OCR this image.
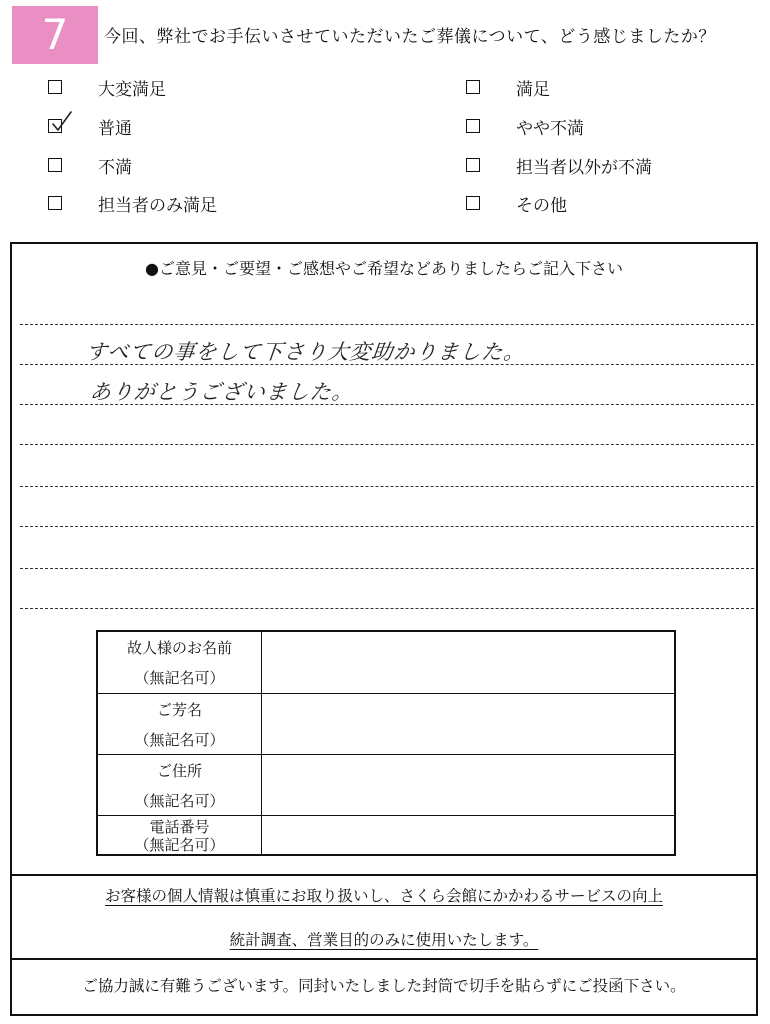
7	今回、弊社でお手伝いさせていただいたご葬儀について、どう感じましたか？
大変満足	満足
普通	やや不満
不満	担当者以外が不満
担当者のみ満足	その他
●ご意見・ご要望・ご感想やご希望などありましたらご記入下さい
すべての事をして下さり大変助かりました。
ありがとうございました。
故人様のお名前
（無記名可）
ご芳名
（無記名可）
ご住所
（無記名可）
電話番号
（無記名可）
お客様の個人情報は慎重にお取り扱いし、さくら会館にかかわるサービスの向上
統計調査、営業目的のみに使用いたします。
ご協力誠に有難うございます。同封いたしました封筒で切手を貼らずにご投函下さい。
